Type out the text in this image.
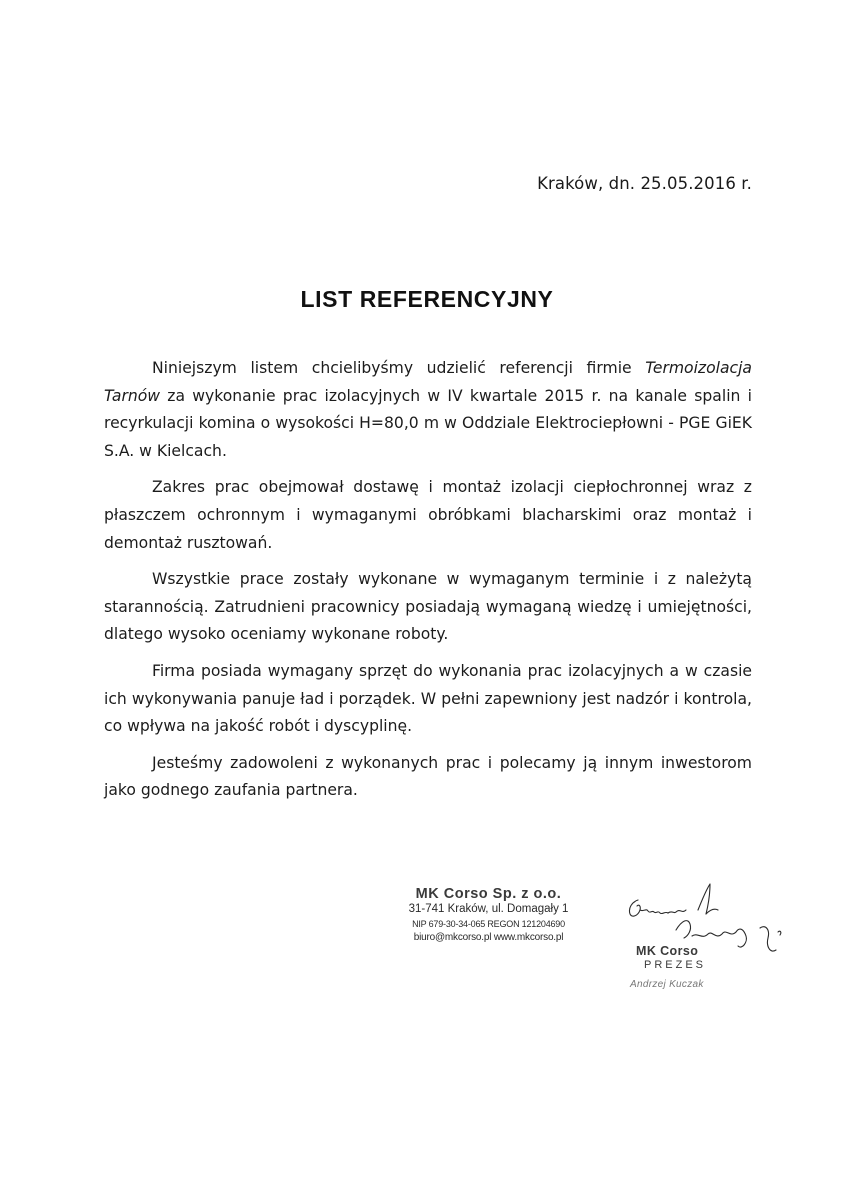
Kraków, dn. 25.05.2016 r.
LIST REFERENCYJNY

Niniejszym listem chcielibyśmy udzielić referencji firmie Termoizolacja Tarnów za wykonanie prac izolacyjnych w IV kwartale 2015 r. na kanale spalin i recyrkulacji komina o wysokości H=80,0 m w Oddziale Elektrociepłowni - PGE GiEK S.A. w Kielcach.

Zakres prac obejmował dostawę i montaż izolacji ciepłochronnej wraz z płaszczem ochronnym i wymaganymi obróbkami blacharskimi oraz montaż i demontaż rusztowań.

Wszystkie prace zostały wykonane w wymaganym terminie i z należytą starannością. Zatrudnieni pracownicy posiadają wymaganą wiedzę i umiejętności, dlatego wysoko oceniamy wykonane roboty.

Firma posiada wymagany sprzęt do wykonania prac izolacyjnych a w czasie ich wykonywania panuje ład i porządek. W pełni zapewniony jest nadzór i kontrola, co wpływa na jakość robót i dyscyplinę.

Jesteśmy zadowoleni z wykonanych prac i polecamy ją innym inwestorom jako godnego zaufania partnera.

MK Corso Sp. z o.o.
31-741 Kraków, ul. Domagały 1
NIP 679-30-34-065 REGON 121204690
biuro@mkcorso.pl www.mkcorso.pl
MK Corso
PREZES
Andrzej Kuczak
